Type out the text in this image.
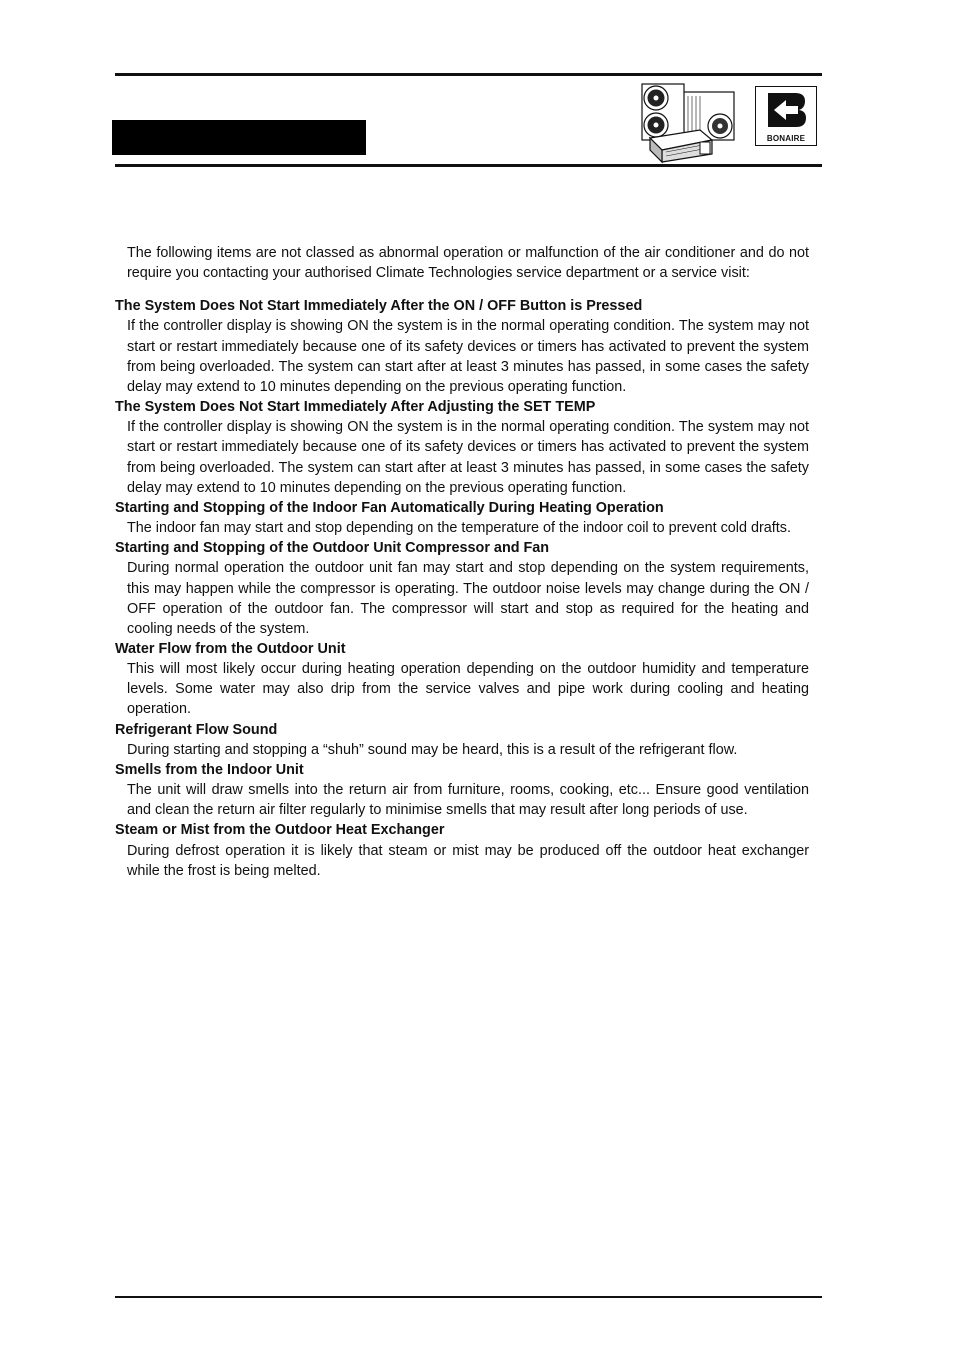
BONAIRE

The following items are not classed as abnormal operation or malfunction of the air conditioner and do not require you contacting your authorised Climate Technologies service department or a service visit:

The System Does Not Start Immediately After the ON / OFF Button is Pressed

If the controller display is showing ON the system is in the normal operating condition. The system may not start or restart immediately because one of its safety devices or timers has activated to prevent the system from being overloaded. The system can start after at least 3 minutes has passed, in some cases the safety delay may extend to 10 minutes depending on the previous operating function.

The System Does Not Start Immediately After Adjusting the SET TEMP

If the controller display is showing ON the system is in the normal operating condition. The system may not start or restart immediately because one of its safety devices or timers has activated to prevent the system from being overloaded. The system can start after at least 3 minutes has passed, in some cases the safety delay may extend to 10 minutes depending on the previous operating function.

Starting and Stopping of the Indoor Fan Automatically During Heating Operation

The indoor fan may start and stop depending on the temperature of the indoor coil to prevent cold drafts.

Starting and Stopping of the Outdoor Unit Compressor and Fan

During normal operation the outdoor unit fan may start and stop depending on the system requirements, this may happen while the compressor is operating. The outdoor noise levels may change during the ON / OFF operation of the outdoor fan. The compressor will start and stop as required for the heating and cooling needs of the system.

Water Flow from the Outdoor Unit

This will most likely occur during heating operation depending on the outdoor humidity and temperature levels. Some water may also drip from the service valves and pipe work during cooling and heating operation.

Refrigerant Flow Sound

During starting and stopping a “shuh” sound may be heard, this is a result of the refrigerant flow.

Smells from the Indoor Unit

The unit will draw smells into the return air from furniture, rooms, cooking, etc... Ensure good ventilation and clean the return air filter regularly to minimise smells that may result after long periods of use.

Steam or Mist from the Outdoor Heat Exchanger

During defrost operation it is likely that steam or mist may be produced off the outdoor heat exchanger while the frost is being melted.
